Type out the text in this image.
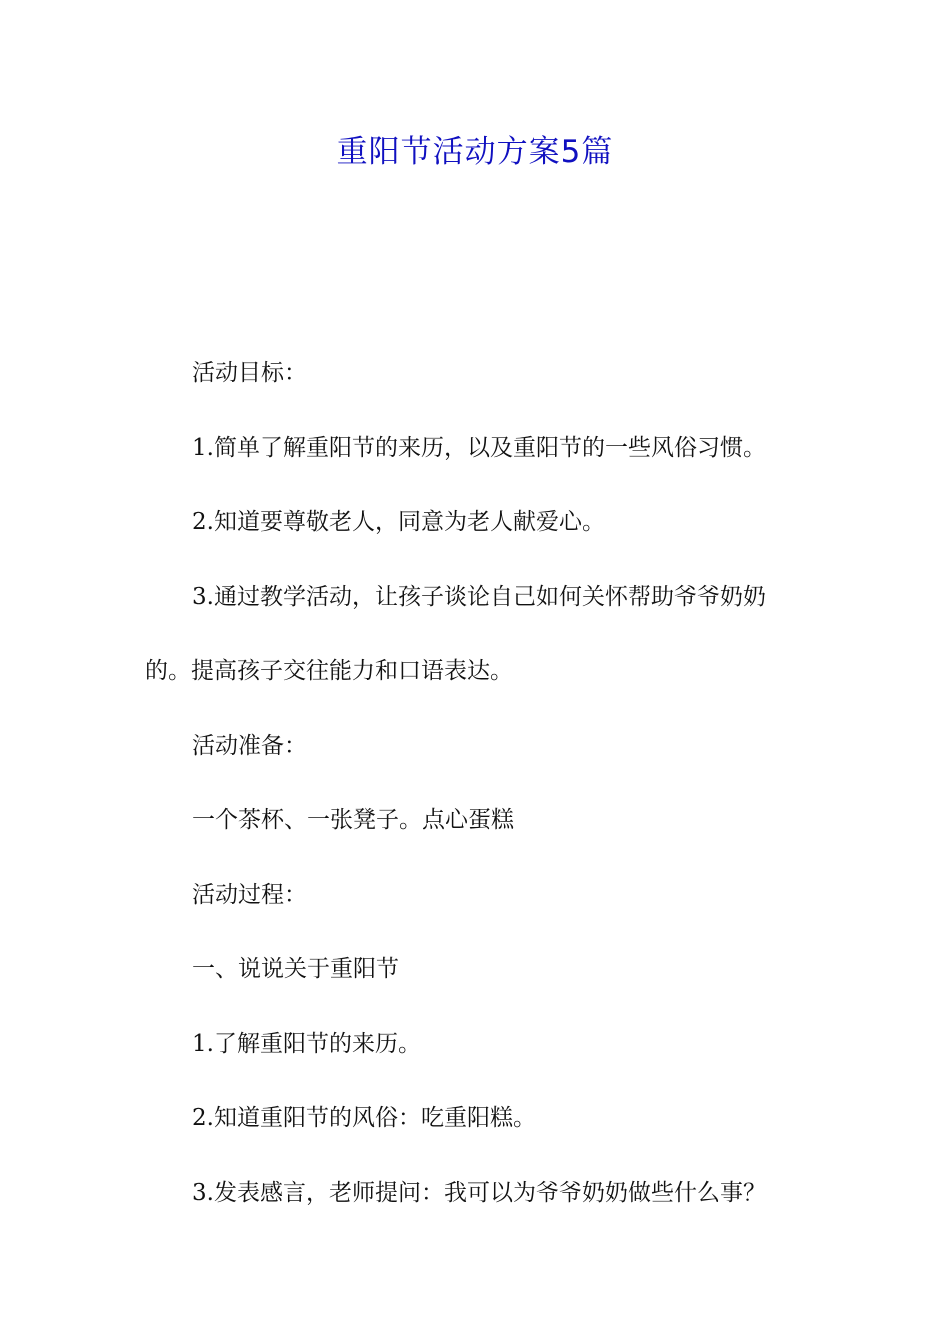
重阳节活动方案5篇

活动目标：

1.简单了解重阳节的来历，以及重阳节的一些风俗习惯。

2.知道要尊敬老人，同意为老人献爱心。

3.通过教学活动，让孩子谈论自己如何关怀帮助爷爷奶奶的。提高孩子交往能力和口语表达。

活动准备：

一个茶杯、一张凳子。点心蛋糕

活动过程：

一、说说关于重阳节

1.了解重阳节的来历。

2.知道重阳节的风俗：吃重阳糕。

3.发表感言，老师提问：我可以为爷爷奶奶做些什么事？
